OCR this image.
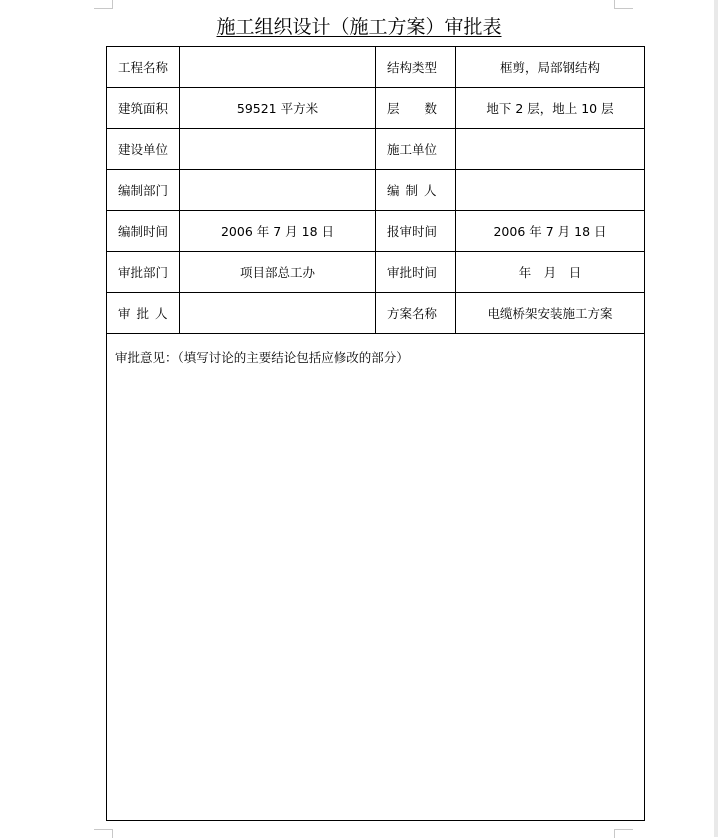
施工组织设计（施工方案）审批表
工程名称		结构类型	框剪，局部钢结构
建筑面积	59521 平方米	层　　数	地下 2 层，地上 10 层
建设单位		施工单位	
编制部门		编 制 人	
编制时间	2006 年 7 月 18 日	报审时间	2006 年 7 月 18 日
审批部门	项目部总工办	审批时间	年　月　日
审 批 人		方案名称	电缆桥架安装施工方案
审批意见：（填写讨论的主要结论包括应修改的部分）			
